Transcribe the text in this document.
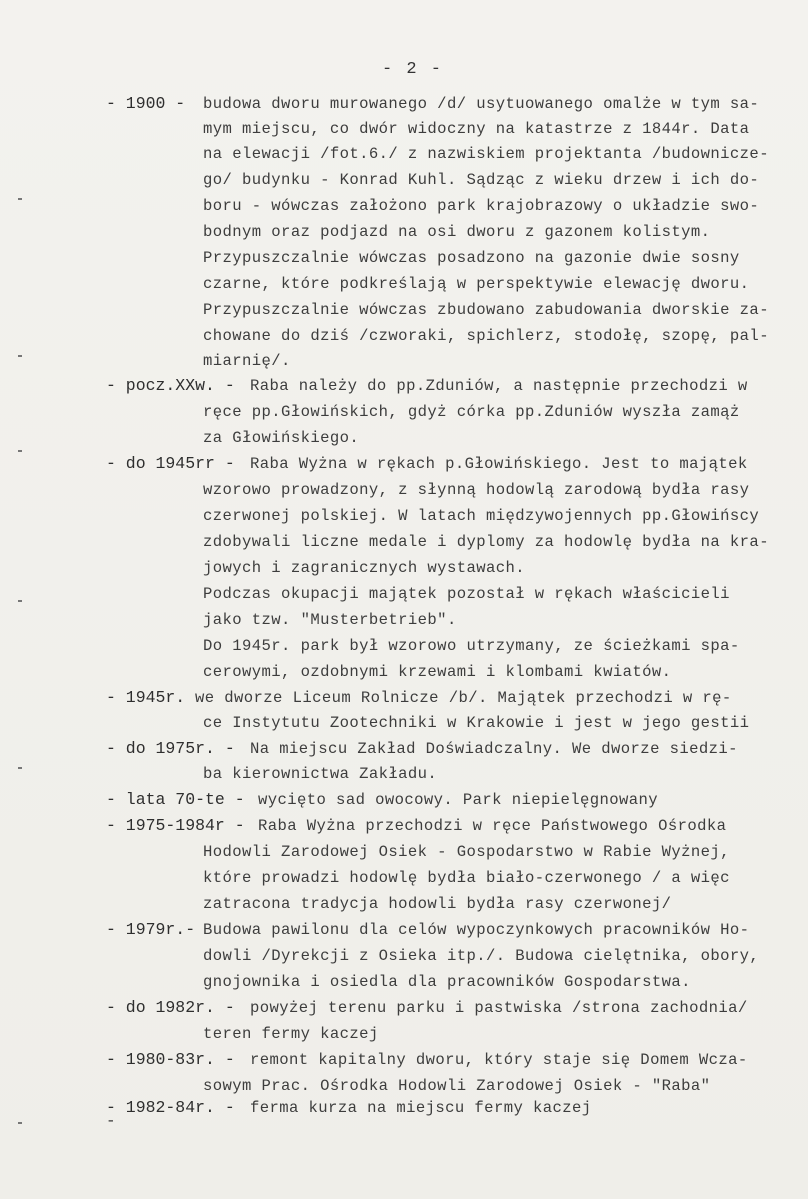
- 2 -
- 1900 - budowa dworu murowanego /d/ usytuowanego omalże w tym sa-
mym miejscu, co dwór widoczny na katastrze z 1844r. Data
na elewacji /fot.6./ z nazwiskiem projektanta /budownicze-
go/ budynku - Konrad Kuhl. Sądząc z wieku drzew i ich do-
boru - wówczas założono park krajobrazowy o układzie swo-
bodnym oraz podjazd na osi dworu z gazonem kolistym.
Przypuszczalnie wówczas posadzono na gazonie dwie sosny
czarne, które podkreślają w perspektywie elewację dworu.
Przypuszczalnie wówczas zbudowano zabudowania dworskie za-
chowane do dziś /czworaki, spichlerz, stodołę, szopę, pal-
miarnię/.
- pocz.XXw. - Raba należy do pp.Zduniów, a następnie przechodzi w
ręce pp.Głowińskich, gdyż córka pp.Zduniów wyszła zamąż
za Głowińskiego.
- do 1945rr - Raba Wyżna w rękach p.Głowińskiego. Jest to majątek
wzorowo prowadzony, z słynną hodowlą zarodową bydła rasy
czerwonej polskiej. W latach międzywojennych pp.Głowińscy
zdobywali liczne medale i dyplomy za hodowlę bydła na kra-
jowych i zagranicznych wystawach.
Podczas okupacji majątek pozostał w rękach właścicieli
jako tzw. "Musterbetrieb".
Do 1945r. park był wzorowo utrzymany, ze ścieżkami spa-
cerowymi, ozdobnymi krzewami i klombami kwiatów.
- 1945r. we dworze Liceum Rolnicze /b/. Majątek przechodzi w rę-
ce Instytutu Zootechniki w Krakowie i jest w jego gestii
- do 1975r. - Na miejscu Zakład Doświadczalny. We dworze siedzi-
ba kierownictwa Zakładu.
- lata 70-te - wycięto sad owocowy. Park niepielęgnowany
- 1975-1984r - Raba Wyżna przechodzi w ręce Państwowego Ośrodka
Hodowli Zarodowej Osiek - Gospodarstwo w Rabie Wyżnej,
które prowadzi hodowlę bydła biało-czerwonego / a więc
zatracona tradycja hodowli bydła rasy czerwonej/
- 1979r.- Budowa pawilonu dla celów wypoczynkowych pracowników Ho-
dowli /Dyrekcji z Osieka itp./. Budowa cielętnika, obory,
gnojownika i osiedla dla pracowników Gospodarstwa.
- do 1982r. - powyżej terenu parku i pastwiska /strona zachodnia/
teren fermy kaczej
- 1980-83r. - remont kapitalny dworu, który staje się Domem Wcza-
sowym Prac. Ośrodka Hodowli Zarodowej Osiek - "Raba"
- 1982-84r. - ferma kurza na miejscu fermy kaczej
-
